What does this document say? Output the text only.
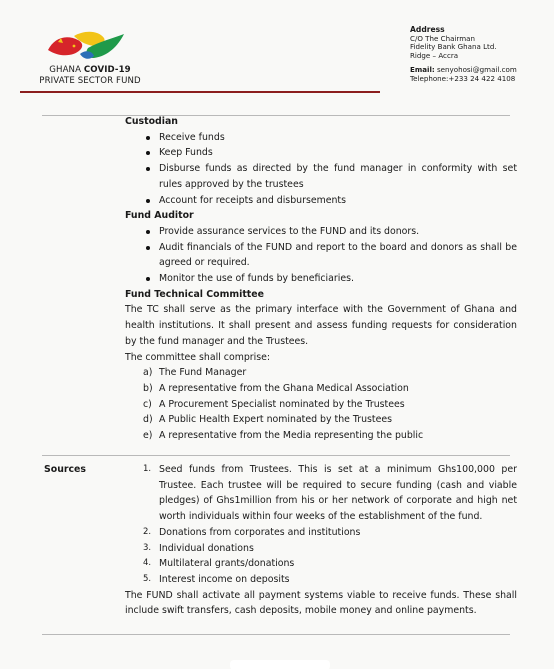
GHANA COVID-19
PRIVATE SECTOR FUND
Address
C/O The Chairman
Fidelity Bank Ghana Ltd.
Ridge – Accra
Email: senyohosi@gmail.com
Telephone:+233 24 422 4108
Custodian
Receive funds
Keep Funds
Disburse funds as directed by the fund manager in conformity with set rules approved by the trustees
Account for receipts and disbursements
Fund Auditor
Provide assurance services to the FUND and its donors.
Audit financials of the FUND and report to the board and donors as shall be agreed or required.
Monitor the use of funds by beneficiaries.
Fund Technical Committee
The TC shall serve as the primary interface with the Government of Ghana and health institutions. It shall present and assess funding requests for consideration by the fund manager and the Trustees.
The committee shall comprise:
a) The Fund Manager
b) A representative from the Ghana Medical Association
c) A Procurement Specialist nominated by the Trustees
d) A Public Health Expert nominated by the Trustees
e) A representative from the Media representing the public
Sources	1. Seed funds from Trustees. This is set at a minimum Ghs100,000 per Trustee. Each trustee will be required to secure funding (cash and viable pledges) of Ghs1million from his or her network of corporate and high net worth individuals within four weeks of the establishment of the fund.
2. Donations from corporates and institutions
3. Individual donations
4. Multilateral grants/donations
5. Interest income on deposits
The FUND shall activate all payment systems viable to receive funds. These shall include swift transfers, cash deposits, mobile money and online payments.
